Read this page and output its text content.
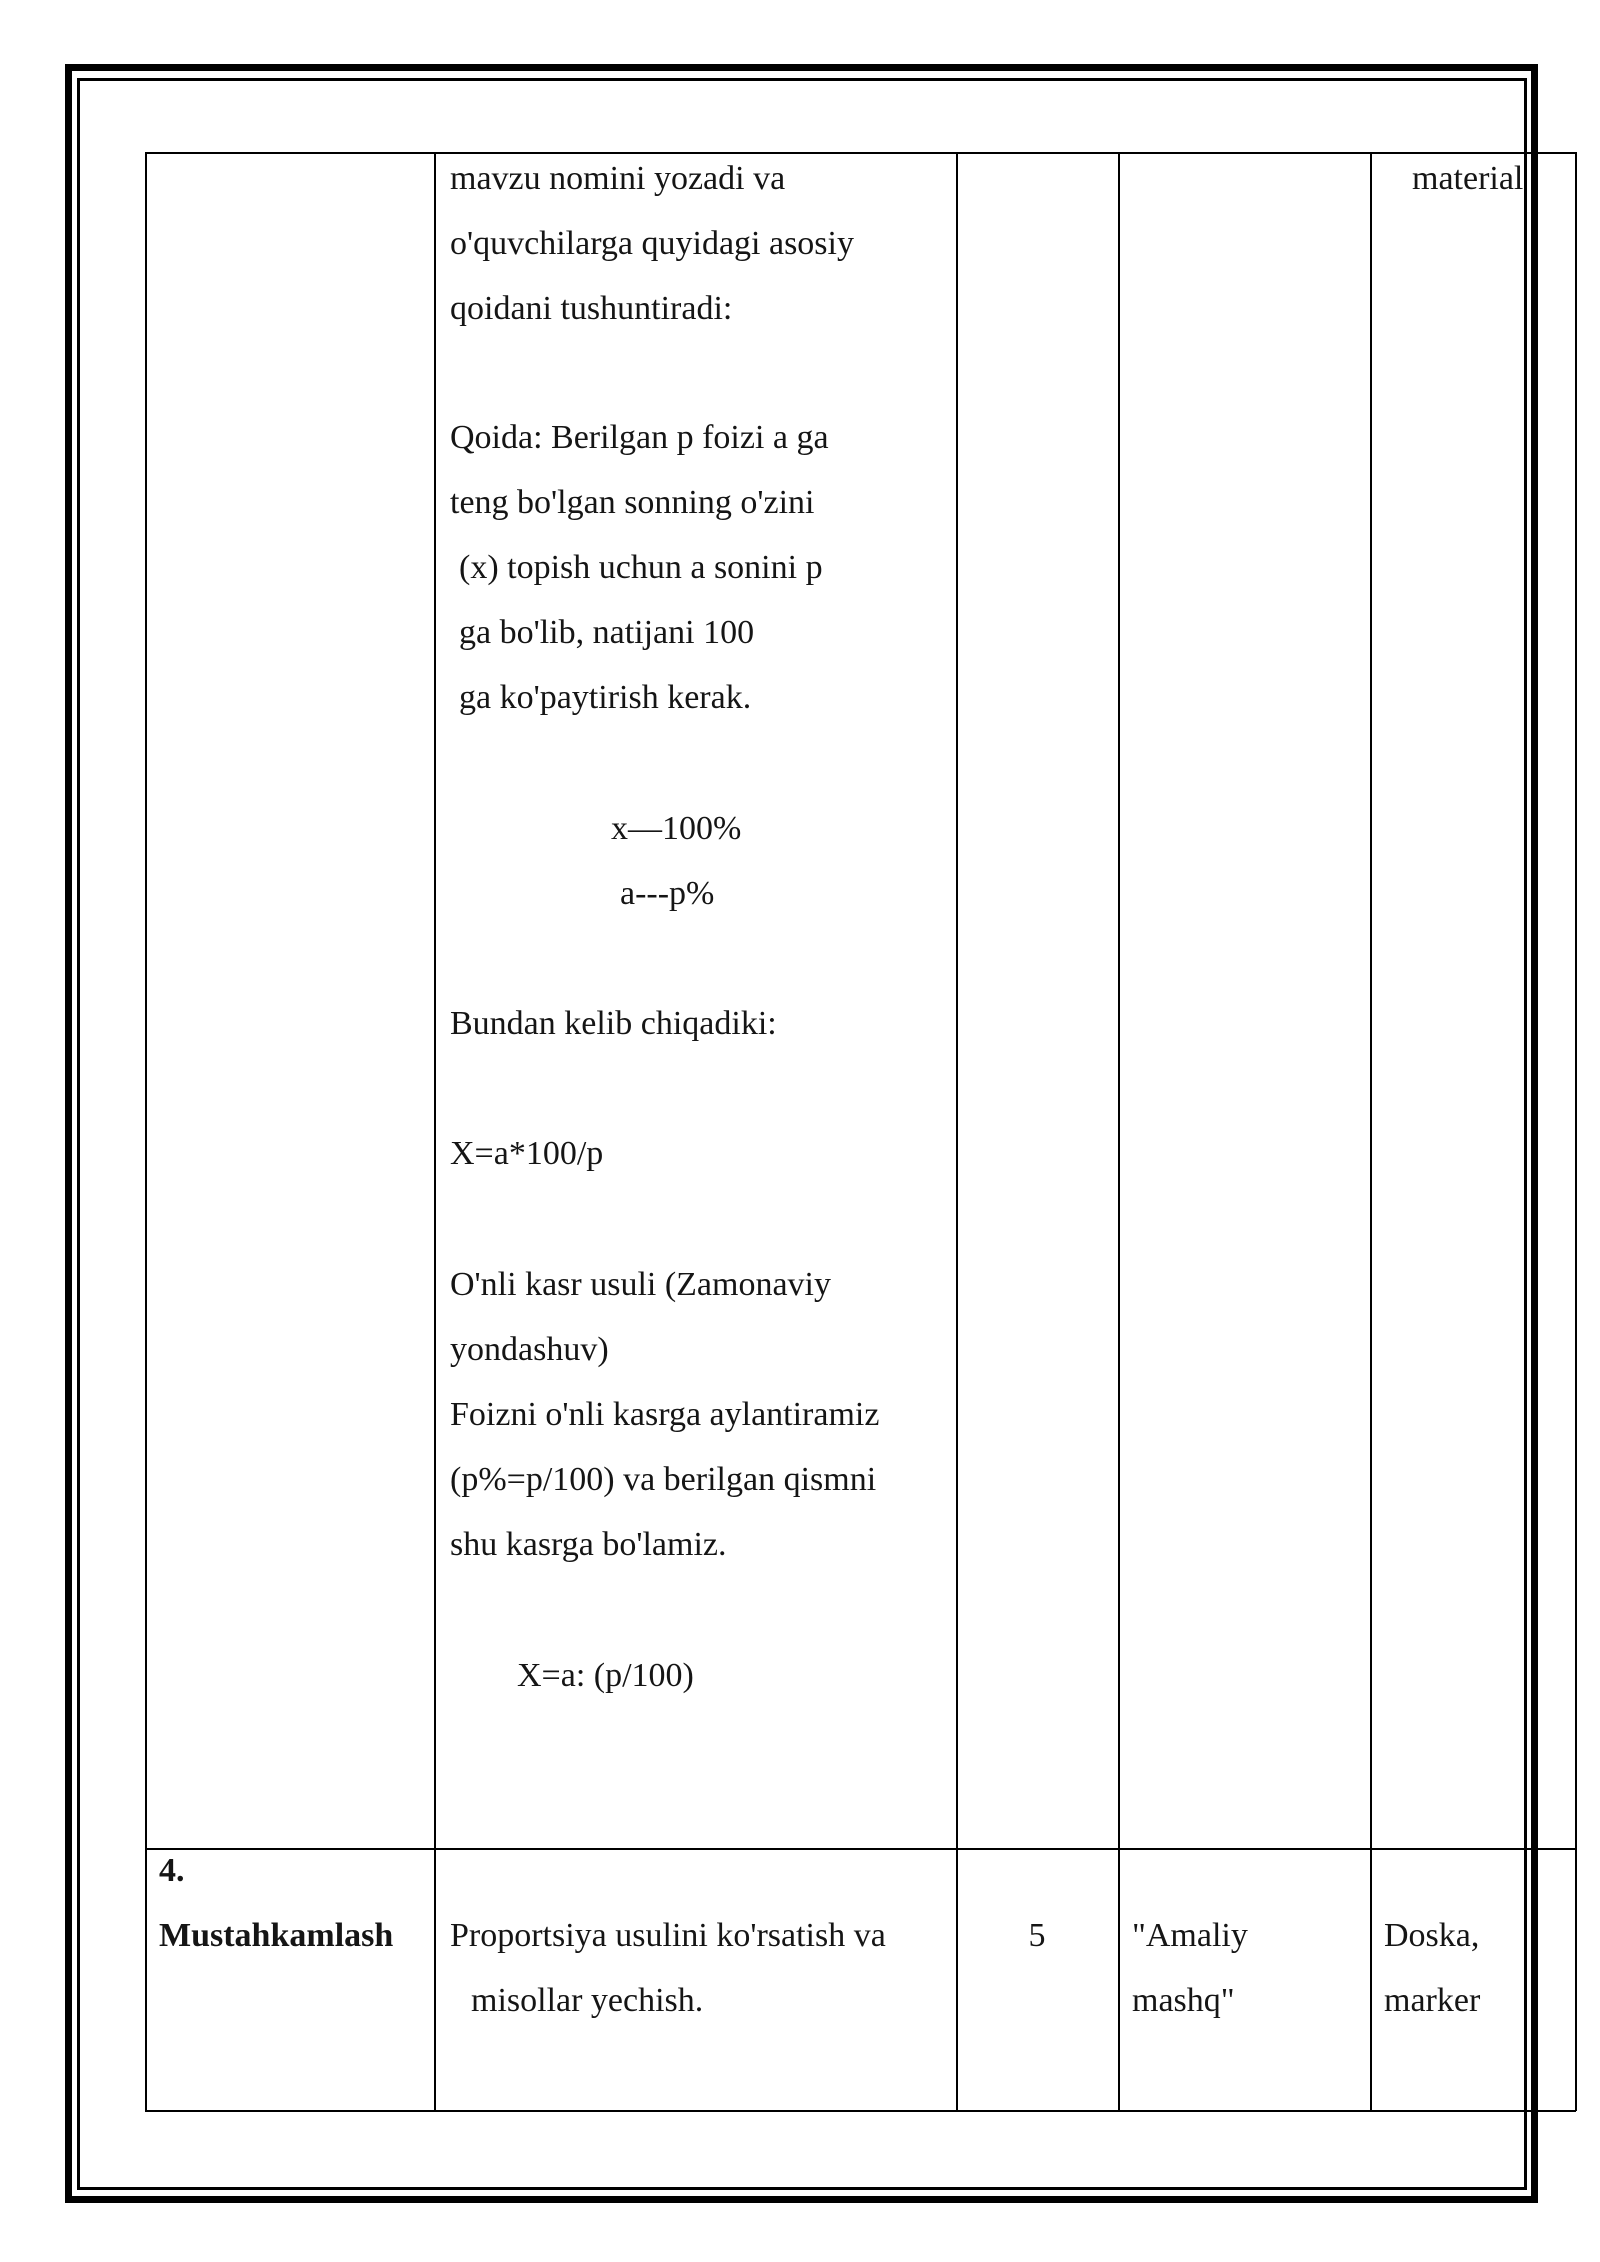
mavzu nomini yozadi va
o'quvchilarga quyidagi asosiy
qoidani tushuntiradi:
Qoida: Berilgan p foizi a ga
teng bo'lgan sonning o'zini
(x) topish uchun a sonini p
ga bo'lib, natijani 100
ga ko'paytirish kerak.
x—100%
a---p%
Bundan kelib chiqadiki:
X=a*100/p
O'nli kasr usuli (Zamonaviy
yondashuv)
Foizni o'nli kasrga aylantiramiz
(p%=p/100) va berilgan qismni
shu kasrga bo'lamiz.
X=a: (p/100)
material
4.
Mustahkamlash Proportsiya usulini ko'rsatish va
misollar yechish.
5	"Amaliy
mashq"
Doska,
marker
